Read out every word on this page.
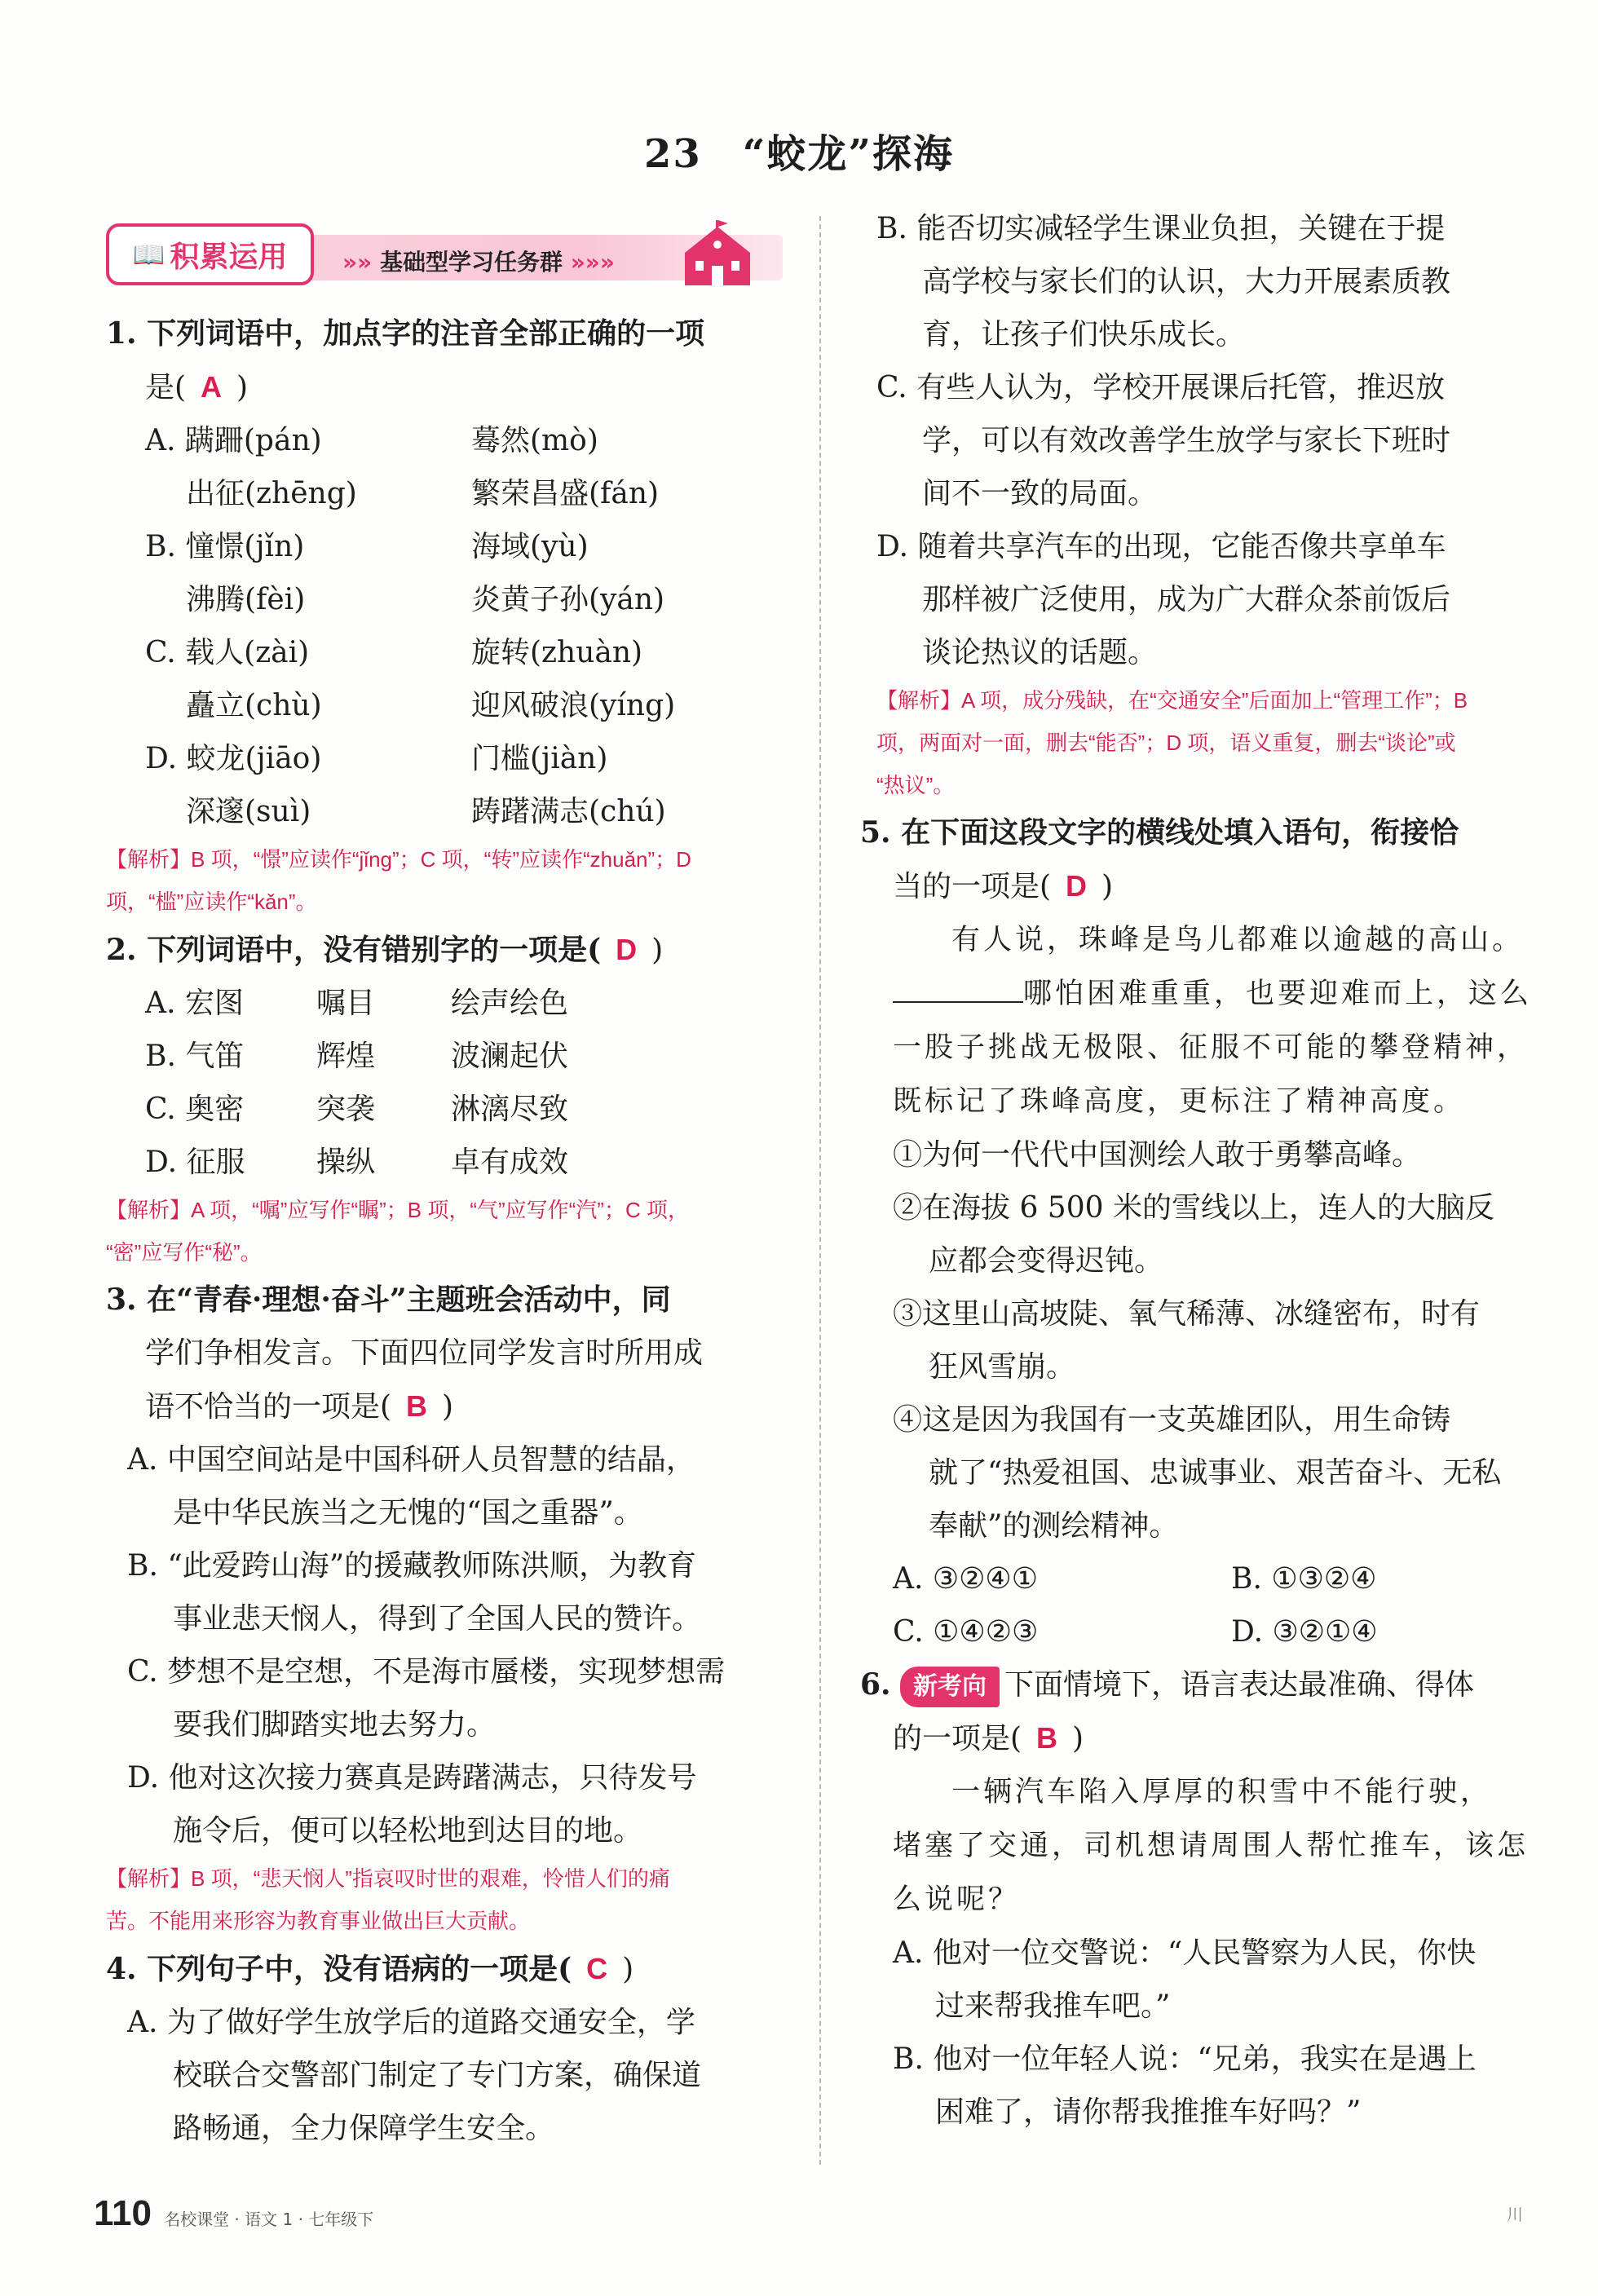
23　“蛟龙”探海
📖 积累运用 »» 基础型学习任务群 »»»
1. 下列词语中，加点字的注音全部正确的一项
是( A )
A. 蹒跚(pán)	蓦然(mò)
出征(zhēng)	繁荣昌盛(fán)
B. 憧憬(jǐn)	海域(yù)
沸腾(fèi)	炎黄子孙(yán)
C. 载人(zài)	旋转(zhuàn)
矗立(chù)	迎风破浪(yíng)
D. 蛟龙(jiāo)	门槛(jiàn)
深邃(suì)	踌躇满志(chú)
【解析】B 项，“憬”应读作“jǐng”；C 项，“转”应读作“zhuǎn”；D
项，“槛”应读作“kǎn”。
2. 下列词语中，没有错别字的一项是( D )
A. 宏图	嘱目	绘声绘色
B. 气笛	辉煌	波澜起伏
C. 奥密	突袭	淋漓尽致
D. 征服	操纵	卓有成效
【解析】A 项，“嘱”应写作“瞩”；B 项，“气”应写作“汽”；C 项，
“密”应写作“秘”。
3. 在“青春·理想·奋斗”主题班会活动中，同
学们争相发言。下面四位同学发言时所用成
语不恰当的一项是( B )
A. 中国空间站是中国科研人员智慧的结晶，
是中华民族当之无愧的“国之重器”。
B. “此爱跨山海”的援藏教师陈洪顺，为教育
事业悲天悯人，得到了全国人民的赞许。
C. 梦想不是空想，不是海市蜃楼，实现梦想需
要我们脚踏实地去努力。
D. 他对这次接力赛真是踌躇满志，只待发号
施令后，便可以轻松地到达目的地。
【解析】B 项，“悲天悯人”指哀叹时世的艰难，怜惜人们的痛
苦。不能用来形容为教育事业做出巨大贡献。
4. 下列句子中，没有语病的一项是( C )
A. 为了做好学生放学后的道路交通安全，学
校联合交警部门制定了专门方案，确保道
路畅通，全力保障学生安全。
B. 能否切实减轻学生课业负担，关键在于提
高学校与家长们的认识，大力开展素质教
育，让孩子们快乐成长。
C. 有些人认为，学校开展课后托管，推迟放
学，可以有效改善学生放学与家长下班时
间不一致的局面。
D. 随着共享汽车的出现，它能否像共享单车
那样被广泛使用，成为广大群众茶前饭后
谈论热议的话题。
【解析】A 项，成分残缺，在“交通安全”后面加上“管理工作”；B
项，两面对一面，删去“能否”；D 项，语义重复，删去“谈论”或
“热议”。
5. 在下面这段文字的横线处填入语句，衔接恰
当的一项是( D )
有人说，珠峰是鸟儿都难以逾越的高山。
哪怕困难重重，也要迎难而上，这么
一股子挑战无极限、征服不可能的攀登精神，
既标记了珠峰高度，更标注了精神高度。
①为何一代代中国测绘人敢于勇攀高峰。
②在海拔 6 500 米的雪线以上，连人的大脑反
应都会变得迟钝。
③这里山高坡陡、氧气稀薄、冰缝密布，时有
狂风雪崩。
④这是因为我国有一支英雄团队，用生命铸
就了“热爱祖国、忠诚事业、艰苦奋斗、无私
奉献”的测绘精神。
A. ③②④①	B. ①③②④
C. ①④②③	D. ③②①④
6. 新考向 下面情境下，语言表达最准确、得体
的一项是( B )
一辆汽车陷入厚厚的积雪中不能行驶，
堵塞了交通，司机想请周围人帮忙推车，该怎
么说呢？
A. 他对一位交警说：“人民警察为人民，你快
过来帮我推车吧。”
B. 他对一位年轻人说：“兄弟，我实在是遇上
困难了，请你帮我推推车好吗？”
110 名校课堂 · 语文 1 · 七年级下	川
